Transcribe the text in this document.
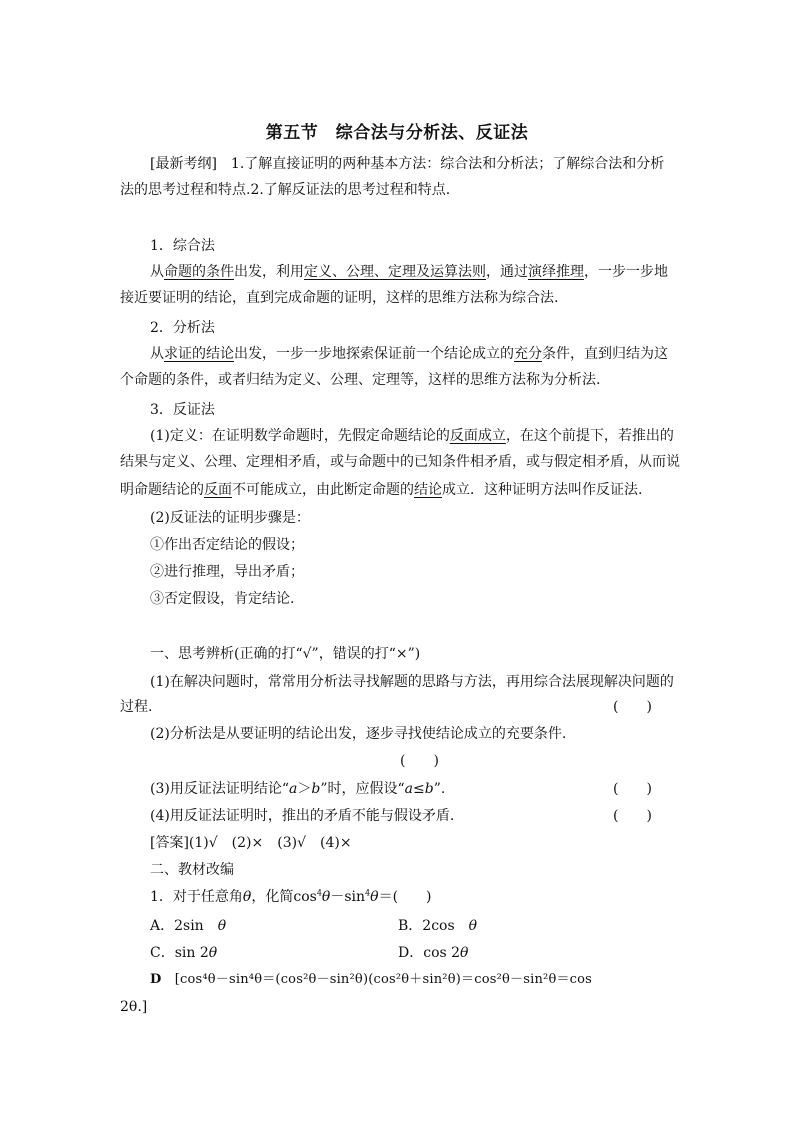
第五节　综合法与分析法、反证法
[最新考纲]　1.了解直接证明的两种基本方法：综合法和分析法；了解综合法和分析
法的思考过程和特点.2.了解反证法的思考过程和特点.
1．综合法
从命题的条件出发，利用定义、公理、定理及运算法则，通过演绎推理，一步一步地
接近要证明的结论，直到完成命题的证明，这样的思维方法称为综合法.
2．分析法
从求证的结论出发，一步一步地探索保证前一个结论成立的充分条件，直到归结为这
个命题的条件，或者归结为定义、公理、定理等，这样的思维方法称为分析法.
3．反证法
(1)定义：在证明数学命题时，先假定命题结论的反面成立，在这个前提下，若推出的
结果与定义、公理、定理相矛盾，或与命题中的已知条件相矛盾，或与假定相矛盾，从而说
明命题结论的反面不可能成立，由此断定命题的结论成立．这种证明方法叫作反证法.
(2)反证法的证明步骤是：
①作出否定结论的假设；
②进行推理，导出矛盾；
③否定假设，肯定结论.
一、思考辨析(正确的打“√”，错误的打“×”)
(1)在解决问题时，常常用分析法寻找解题的思路与方法，再用综合法展现解决问题的
过程.	(　　)
(2)分析法是从要证明的结论出发，逐步寻找使结论成立的充要条件.
(　　)
(3)用反证法证明结论“a＞b”时，应假设“a≤b”.	(　　)
(4)用反证法证明时，推出的矛盾不能与假设矛盾.	(　　)
[答案](1)√　(2)×　(3)√　(4)×
二、教材改编
1．对于任意角θ，化简$\cos^4\theta-\sin^4\theta=$(　　)
A．2sin　 θ	B．2cos　 θ
C．sin 2θ	D．cos 2θ
D　 [cos⁴θ－sin⁴θ＝(cos²θ－sin²θ)(cos²θ＋sin²θ)＝cos²θ－sin²θ＝cos
2θ.]
